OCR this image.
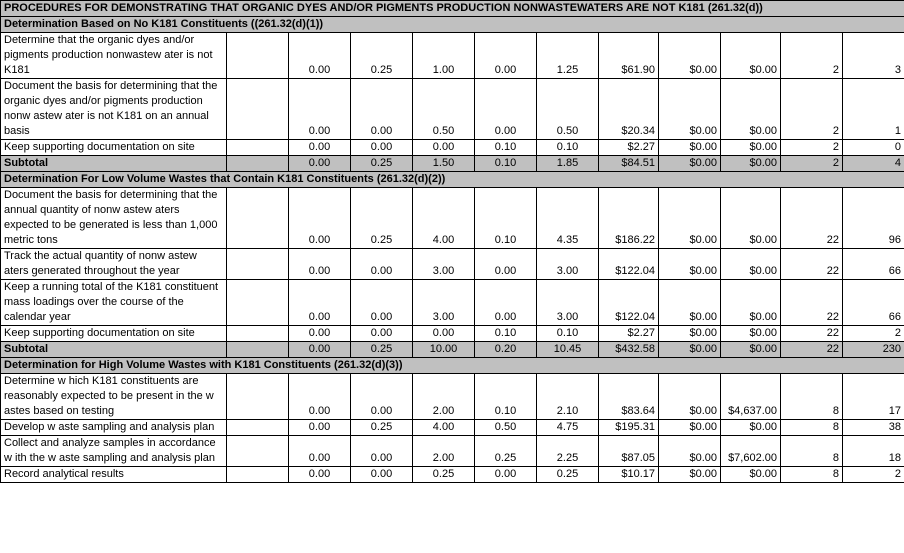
PROCEDURES FOR DEMONSTRATING THAT ORGANIC DYES AND/OR PIGMENTS PRODUCTION NONWASTEWATERS ARE NOT K181 (261.32(d))												
Determination Based on No K181 Constituents ((261.32(d)(1))												
Determine that the organic dyes and/or pigments production nonwastew ater is not K181		0.00	0.25	1.00	0.00	1.25	$61.90	$0.00	$0.00	2	3	
Document the basis for determining that the organic dyes and/or pigments production nonw astew ater is not K181 on an annual basis		0.00	0.00	0.50	0.00	0.50	$20.34	$0.00	$0.00	2	1	
Keep supporting documentation on site		0.00	0.00	0.00	0.10	0.10	$2.27	$0.00	$0.00	2	0	
Subtotal		0.00	0.25	1.50	0.10	1.85	$84.51	$0.00	$0.00	2	4	
Determination For Low Volume Wastes that Contain K181 Constituents (261.32(d)(2))												
Document the basis for determining that the annual quantity of nonw astew aters expected to be generated is less than 1,000 metric tons		0.00	0.25	4.00	0.10	4.35	$186.22	$0.00	$0.00	22	96	
Track the actual quantity of nonw astew aters generated throughout the year		0.00	0.00	3.00	0.00	3.00	$122.04	$0.00	$0.00	22	66	
Keep a running total of the K181 constituent mass loadings over the course of the calendar year		0.00	0.00	3.00	0.00	3.00	$122.04	$0.00	$0.00	22	66	
Keep supporting documentation on site		0.00	0.00	0.00	0.10	0.10	$2.27	$0.00	$0.00	22	2	
Subtotal		0.00	0.25	10.00	0.20	10.45	$432.58	$0.00	$0.00	22	230	
Determination for High Volume Wastes with K181 Constituents (261.32(d)(3))												
Determine w hich K181 constituents are reasonably expected to be present in the w astes based on testing		0.00	0.00	2.00	0.10	2.10	$83.64	$0.00	$4,637.00	8	17	
Develop w aste sampling and analysis plan		0.00	0.25	4.00	0.50	4.75	$195.31	$0.00	$0.00	8	38	
Collect and analyze samples in accordance w ith the w aste sampling and analysis plan		0.00	0.00	2.00	0.25	2.25	$87.05	$0.00	$7,602.00	8	18	
Record analytical results		0.00	0.00	0.25	0.00	0.25	$10.17	$0.00	$0.00	8	2	
